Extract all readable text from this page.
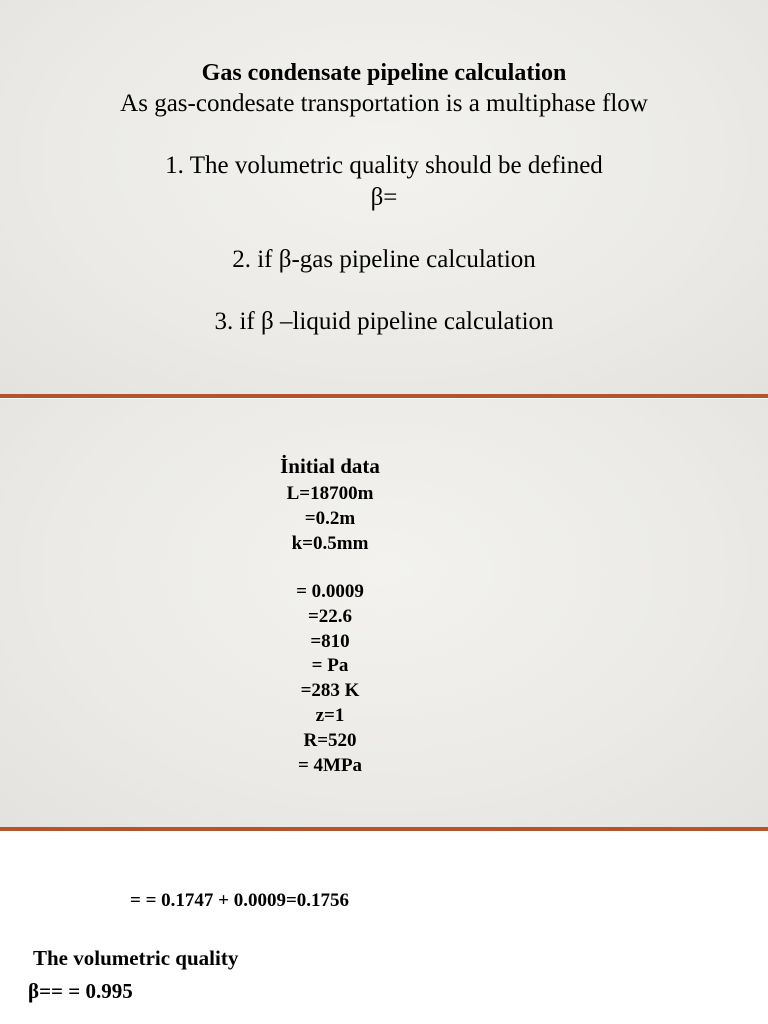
Gas condensate pipeline calculation
As gas-condesate transportation is a multiphase flow
1. The volumetric quality should be defined
β=
2. if β-gas pipeline calculation
3. if β –liquid pipeline calculation
İnitial data
L=18700m
=0.2m
k=0.5mm
= 0.0009
=22.6
=810
= Pa
=283 K
z=1
R=520
= 4MPa
= = 0.1747 + 0.0009=0.1756
The volumetric quality
β== = 0.995
